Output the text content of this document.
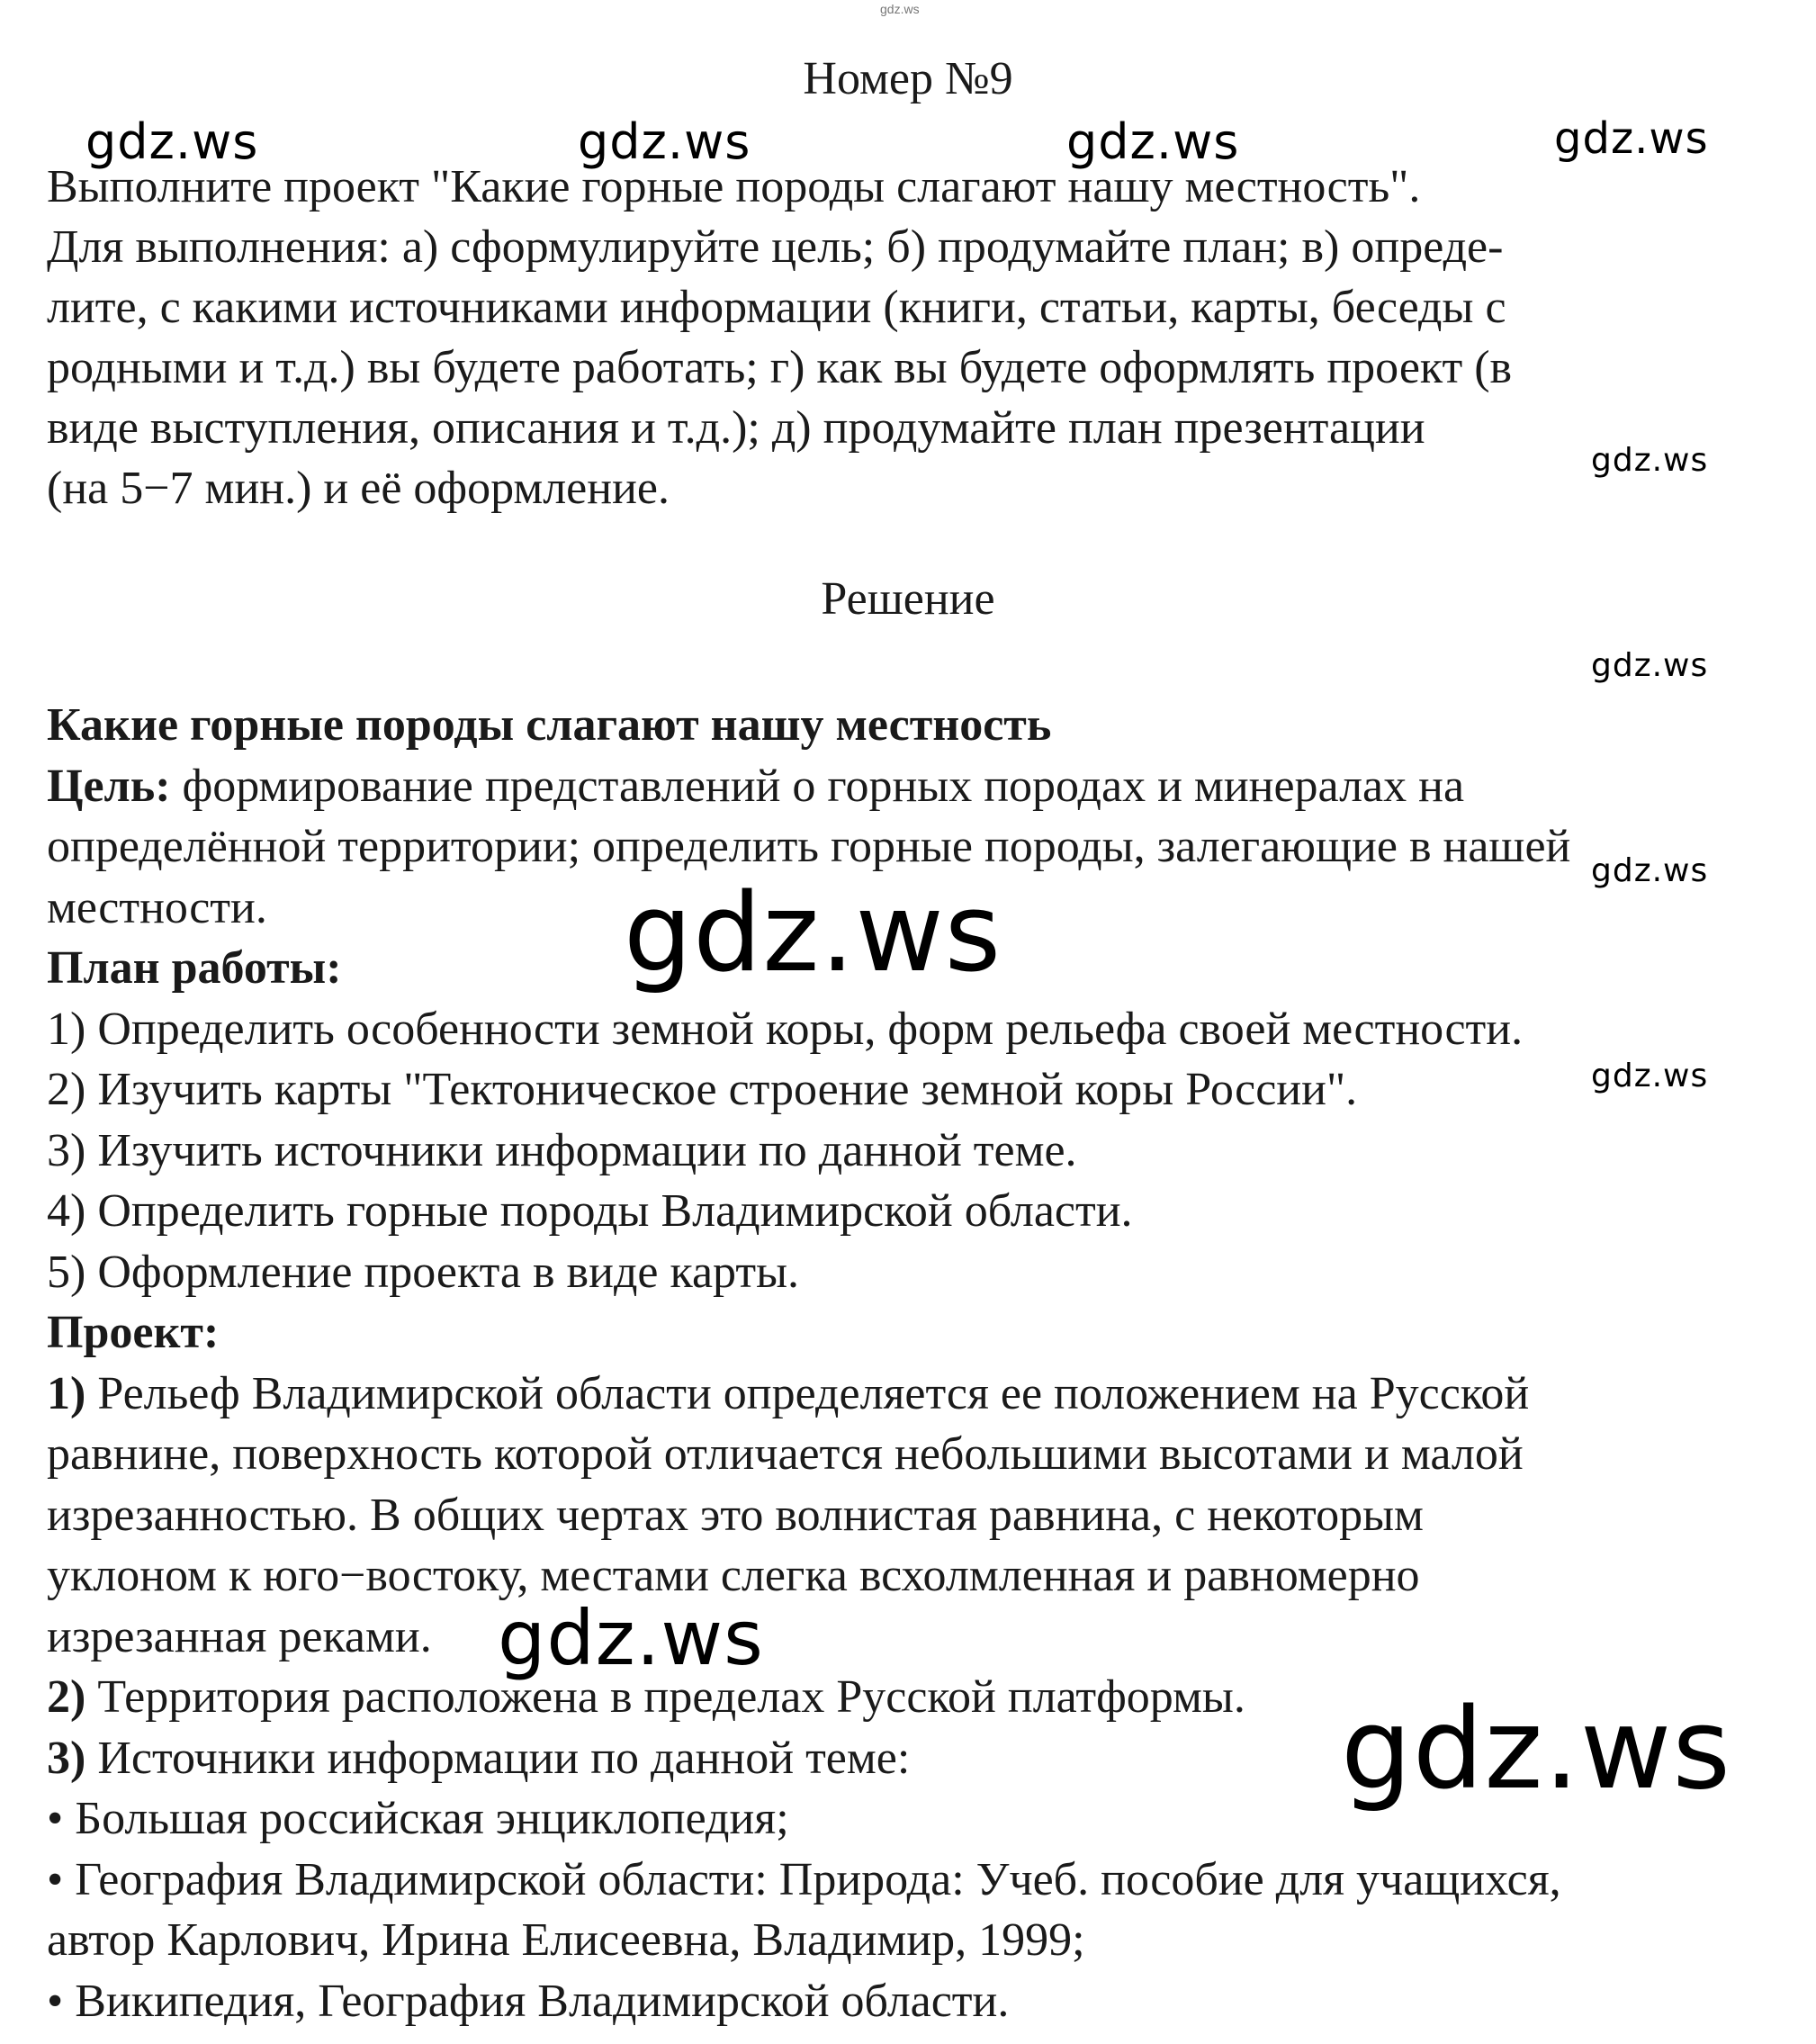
gdz.ws
Номер №9
Выполните проект "Какие горные породы слагают нашу местность".
Для выполнения: а) сформулируйте цель; б) продумайте план; в) опреде-
лите, с какими источниками информации (книги, статьи, карты, беседы с
родными и т.д.) вы будете работать; г) как вы будете оформлять проект (в
виде выступления, описания и т.д.); д) продумайте план презентации
(на 5−7 мин.) и её оформление.
Решение
Какие горные породы слагают нашу местность
Цель: формирование представлений о горных породах и минералах на
определённой территории; определить горные породы, залегающие в нашей
местности.
План работы:
1) Определить особенности земной коры, форм рельефа своей местности.
2) Изучить карты "Тектоническое строение земной коры России".
3) Изучить источники информации по данной теме.
4) Определить горные породы Владимирской области.
5) Оформление проекта в виде карты.
Проект:
1) Рельеф Владимирской области определяется ее положением на Русской
равнине, поверхность которой отличается небольшими высотами и малой
изрезанностью. В общих чертах это волнистая равнина, с некоторым
уклоном к юго−востоку, местами слегка всхолмленная и равномерно
изрезанная реками.
2) Территория расположена в пределах Русской платформы.
3) Источники информации по данной теме:
• Большая российская энциклопедия;
• География Владимирской области: Природа: Учеб. пособие для учащихся,
автор Карлович, Ирина Елисеевна, Владимир, 1999;
• Википедия, География Владимирской области.
gdz.ws	gdz.ws	gdz.ws	gdz.ws
gdz.ws
gdz.ws
gdz.ws
gdz.ws
gdz.ws
gdz.ws
gdz.ws
